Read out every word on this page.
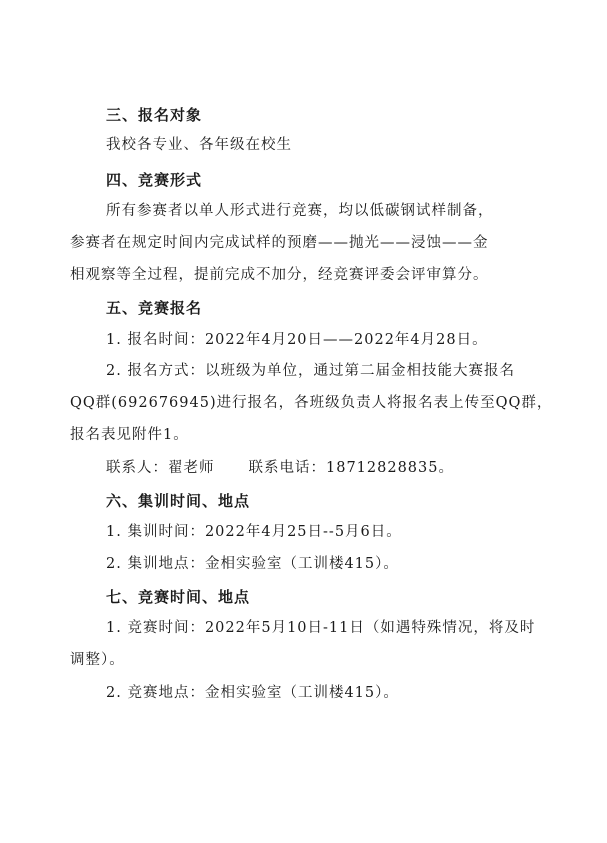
三、报名对象
我校各专业、各年级在校生
四、竞赛形式
所有参赛者以单人形式进行竞赛，均以低碳钢试样制备，
参赛者在规定时间内完成试样的预磨——抛光——浸蚀——金
相观察等全过程，提前完成不加分，经竞赛评委会评审算分。
五、竞赛报名
1. 报名时间：2022年4月20日——2022年4月28日。
2. 报名方式：以班级为单位，通过第二届金相技能大赛报名
QQ群(692676945)进行报名，各班级负责人将报名表上传至QQ群，
报名表见附件1。
联系人：翟老师 联系电话：18712828835。
六、集训时间、地点
1. 集训时间：2022年4月25日--5月6日。
2. 集训地点：金相实验室（工训楼415）。
七、竞赛时间、地点
1. 竞赛时间：2022年5月10日-11日（如遇特殊情况，将及时
调整）。
2. 竞赛地点：金相实验室（工训楼415）。
